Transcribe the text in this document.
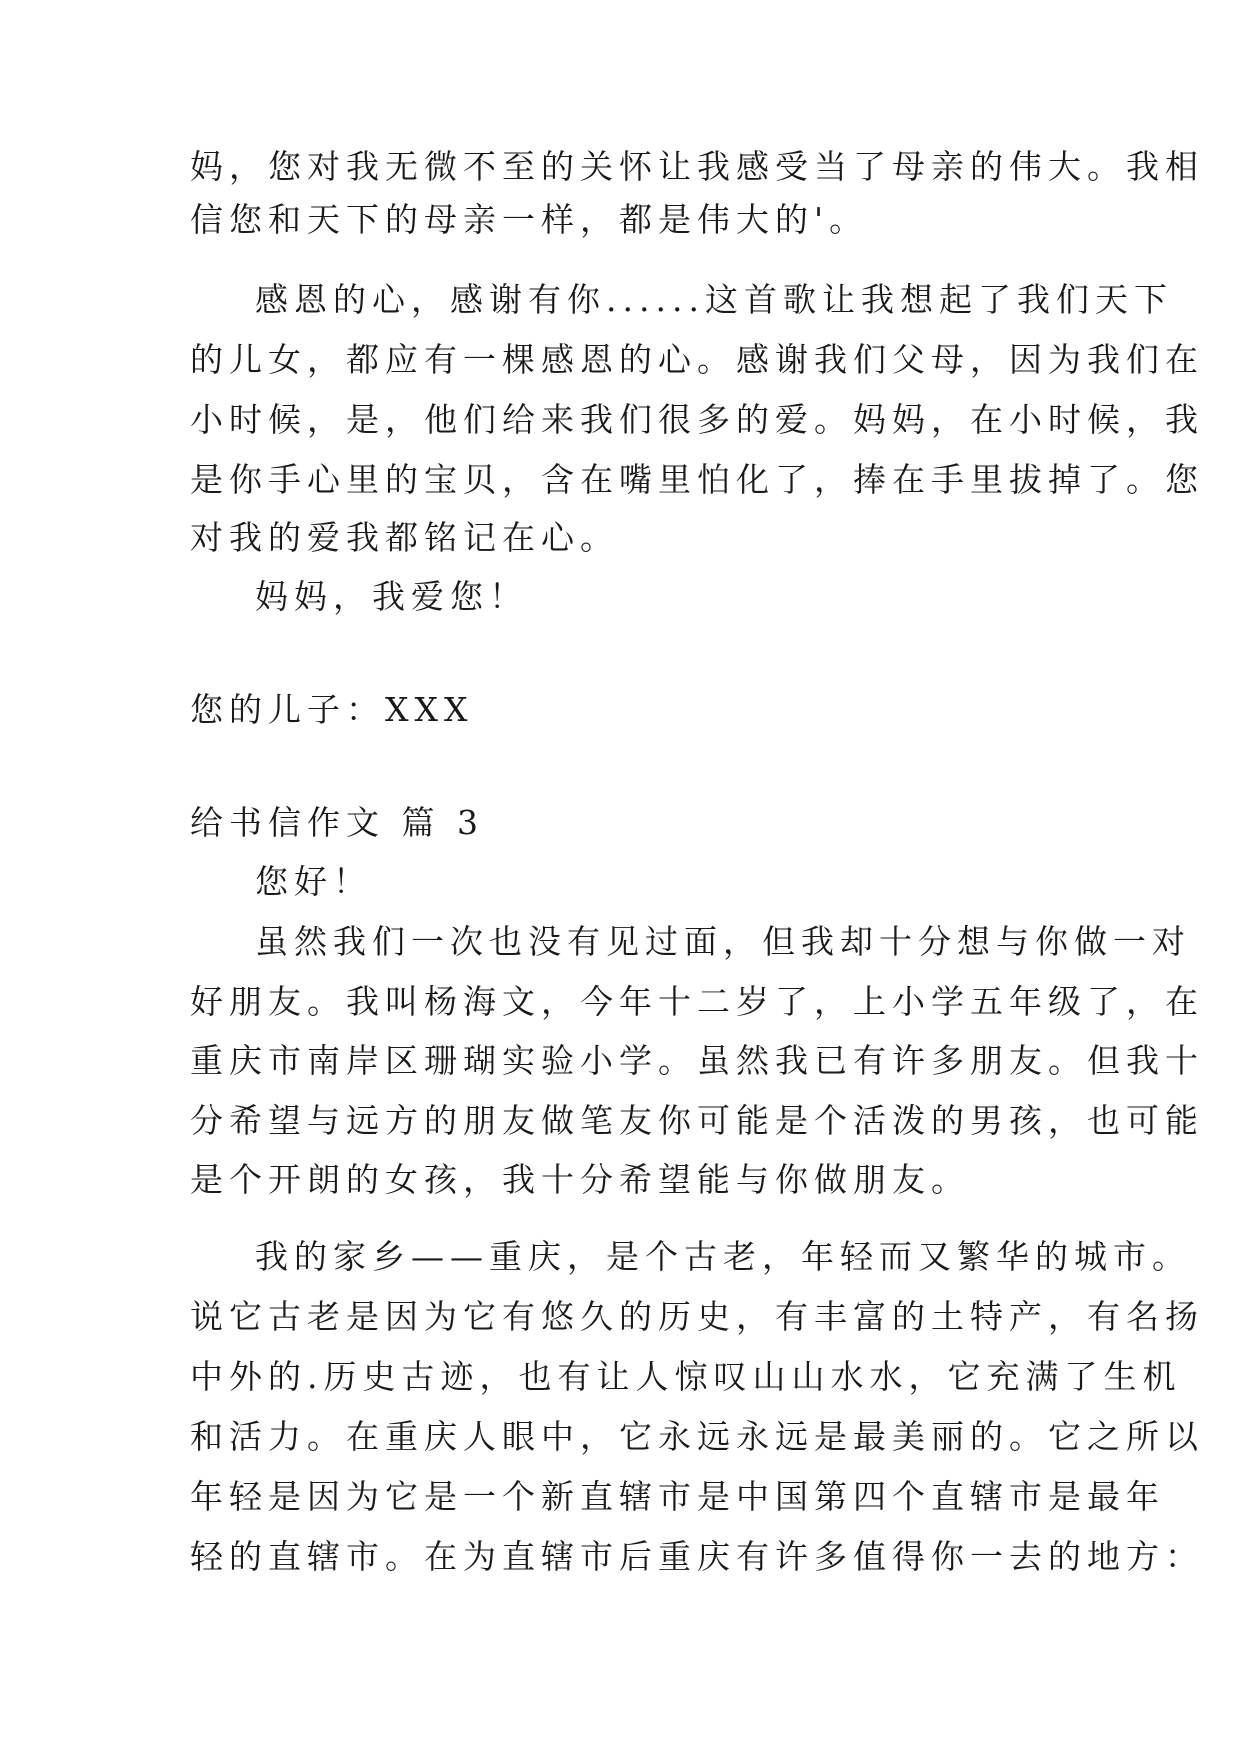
妈，您对我无微不至的关怀让我感受当了母亲的伟大。我相
信您和天下的母亲一样，都是伟大的'。
感恩的心，感谢有你......这首歌让我想起了我们天下
的儿女，都应有一棵感恩的心。感谢我们父母，因为我们在
小时候，是，他们给来我们很多的爱。妈妈，在小时候，我
是你手心里的宝贝，含在嘴里怕化了，捧在手里拔掉了。您
对我的爱我都铭记在心。
妈妈，我爱您！
您的儿子：XXX
给书信作文 篇 3
您好！
虽然我们一次也没有见过面，但我却十分想与你做一对
好朋友。我叫杨海文，今年十二岁了，上小学五年级了，在
重庆市南岸区珊瑚实验小学。虽然我已有许多朋友。但我十
分希望与远方的朋友做笔友你可能是个活泼的男孩，也可能
是个开朗的女孩，我十分希望能与你做朋友。
我的家乡——重庆，是个古老，年轻而又繁华的城市。
说它古老是因为它有悠久的历史，有丰富的土特产，有名扬
中外的.历史古迹，也有让人惊叹山山水水，它充满了生机
和活力。在重庆人眼中，它永远永远是最美丽的。它之所以
年轻是因为它是一个新直辖市是中国第四个直辖市是最年
轻的直辖市。在为直辖市后重庆有许多值得你一去的地方：
